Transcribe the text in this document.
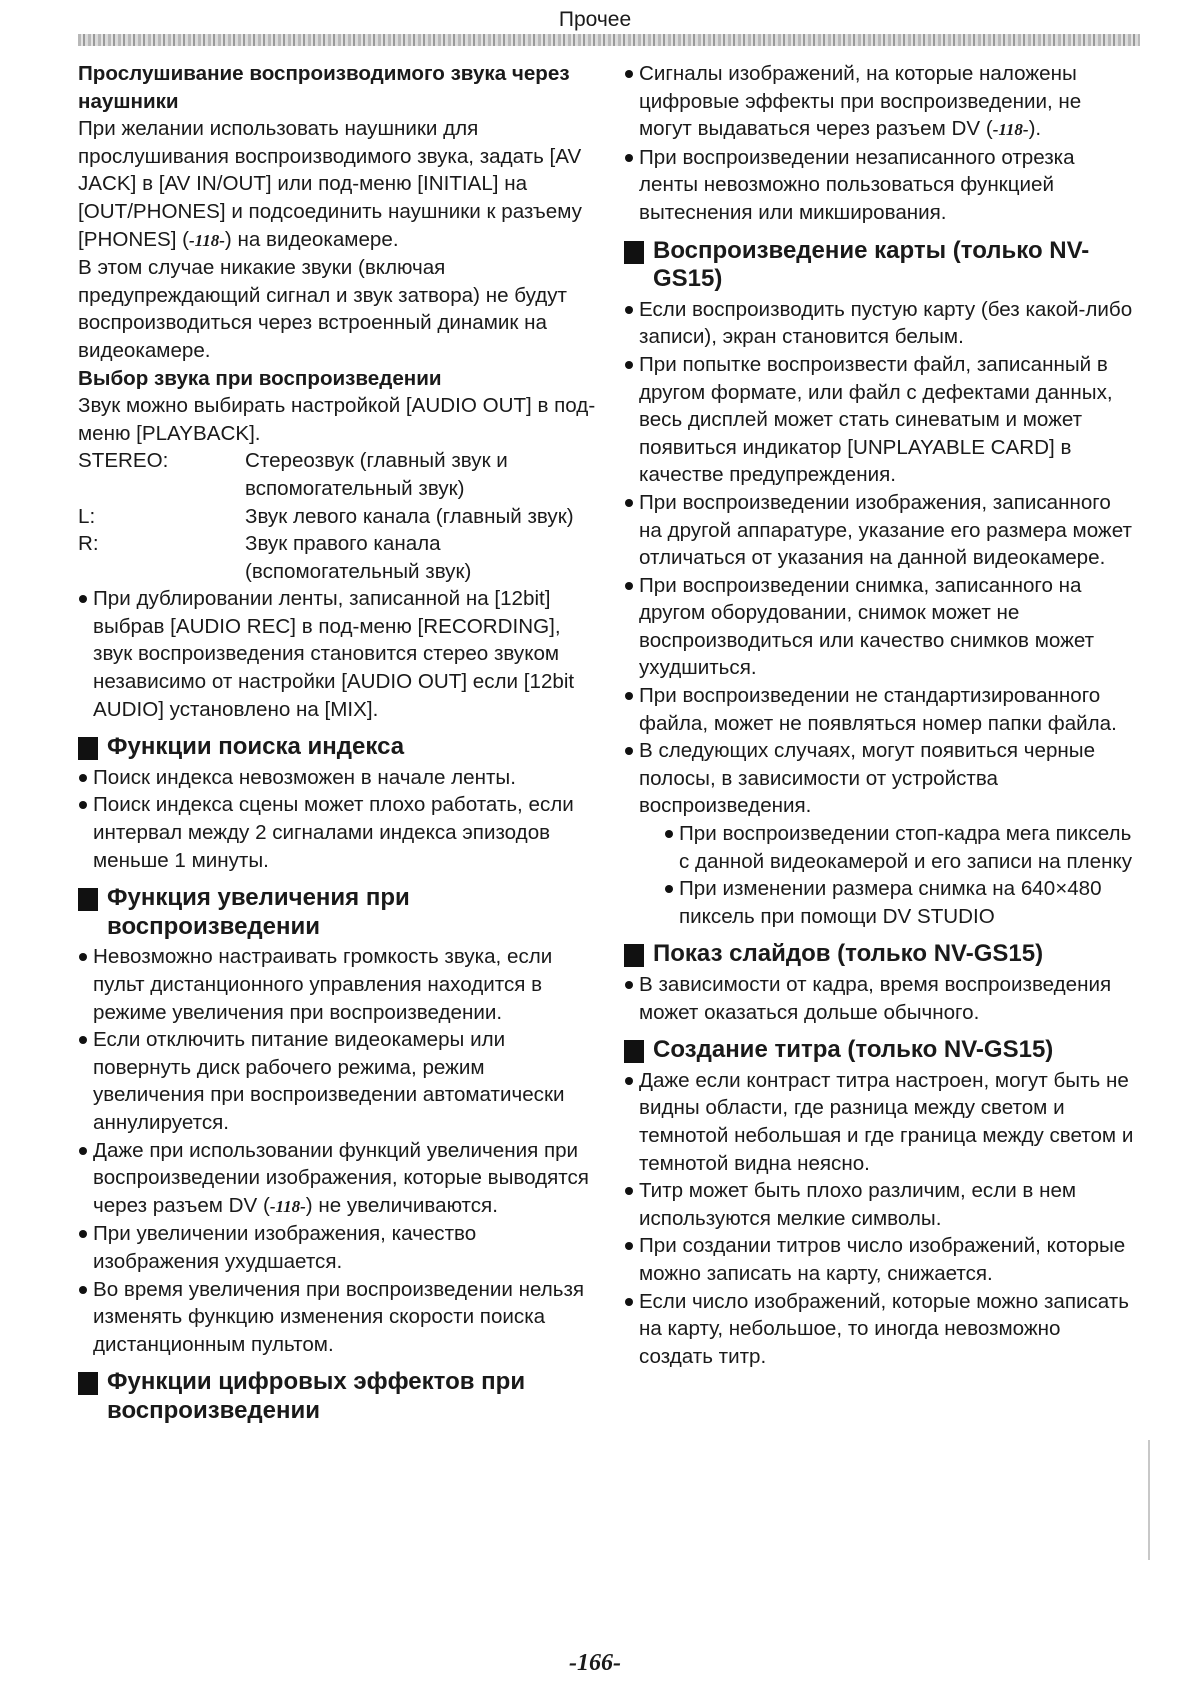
Прочее

Прослушивание воспроизводимого звука через наушники

При желании использовать наушники для прослушивания воспроизводимого звука, задать [AV JACK] в [AV IN/OUT] или под-меню [INITIAL] на [OUT/PHONES] и подсоединить наушники к разъему [PHONES] (-118-) на видеокамере.

В этом случае никакие звуки (включая предупреждающий сигнал и звук затвора) не будут воспроизводиться через встроенный динамик на видеокамере.

Выбор звука при воспроизведении

Звук можно выбирать настройкой [AUDIO OUT] в под-меню [PLAYBACK].

STEREO:	Стереозвук (главный звук и вспомогательный звук)
L:	Звук левого канала (главный звук)
R:	Звук правого канала (вспомогательный звук)
При дублировании ленты, записанной на [12bit] выбрав [AUDIO REC] в под-меню [RECORDING], звук воспроизведения становится стерео звуком независимо от настройки [AUDIO OUT] если [12bit AUDIO] установлено на [MIX].
Функции поиска индекса
Поиск индекса невозможен в начале ленты.
Поиск индекса сцены может плохо работать, если интервал между 2 сигналами индекса эпизодов меньше 1 минуты.
Функция увеличения при воспроизведении
Невозможно настраивать громкость звука, если пульт дистанционного управления находится в режиме увеличения при воспроизведении.
Если отключить питание видеокамеры или повернуть диск рабочего режима, режим увеличения при воспроизведении автоматически аннулируется.
Даже при использовании функций увеличения при воспроизведении изображения, которые выводятся через разъем DV (-118-) не увеличиваются.
При увеличении изображения, качество изображения ухудшается.
Во время увеличения при воспроизведении нельзя изменять функцию изменения скорости поиска дистанционным пультом.
Функции цифровых эффектов при воспроизведении
Сигналы изображений, на которые наложены цифровые эффекты при воспроизведении, не могут выдаваться через разъем DV (-118-).
При воспроизведении незаписанного отрезка ленты невозможно пользоваться функцией вытеснения или микширования.
Воспроизведение карты (только NV-GS15)
Если воспроизводить пустую карту (без какой-либо записи), экран становится белым.
При попытке воспроизвести файл, записанный в другом формате, или файл с дефектами данных, весь дисплей может стать синеватым и может появиться индикатор [UNPLAYABLE CARD] в качестве предупреждения.
При воспроизведении изображения, записанного на другой аппаратуре, указание его размера может отличаться от указания на данной видеокамере.
При воспроизведении снимка, записанного на другом оборудовании, снимок может не воспроизводиться или качество снимков может ухудшиться.
При воспроизведении не стандартизированного файла, может не появляться номер папки файла.
В следующих случаях, могут появиться черные полосы, в зависимости от устройства воспроизведения.
При воспроизведении стоп-кадра мега пиксель с данной видеокамерой и его записи на пленку
При изменении размера снимка на 640×480 пиксель при помощи DV STUDIO
Показ слайдов (только NV-GS15)
В зависимости от кадра, время воспроизведения может оказаться дольше обычного.
Создание титра (только NV-GS15)
Даже если контраст титра настроен, могут быть не видны области, где разница между светом и темнотой небольшая и где граница между светом и темнотой видна неясно.
Титр может быть плохо различим, если в нем используются мелкие символы.
При создании титров число изображений, которые можно записать на карту, снижается.
Если число изображений, которые можно записать на карту, небольшое, то иногда невозможно создать титр.
-166-
